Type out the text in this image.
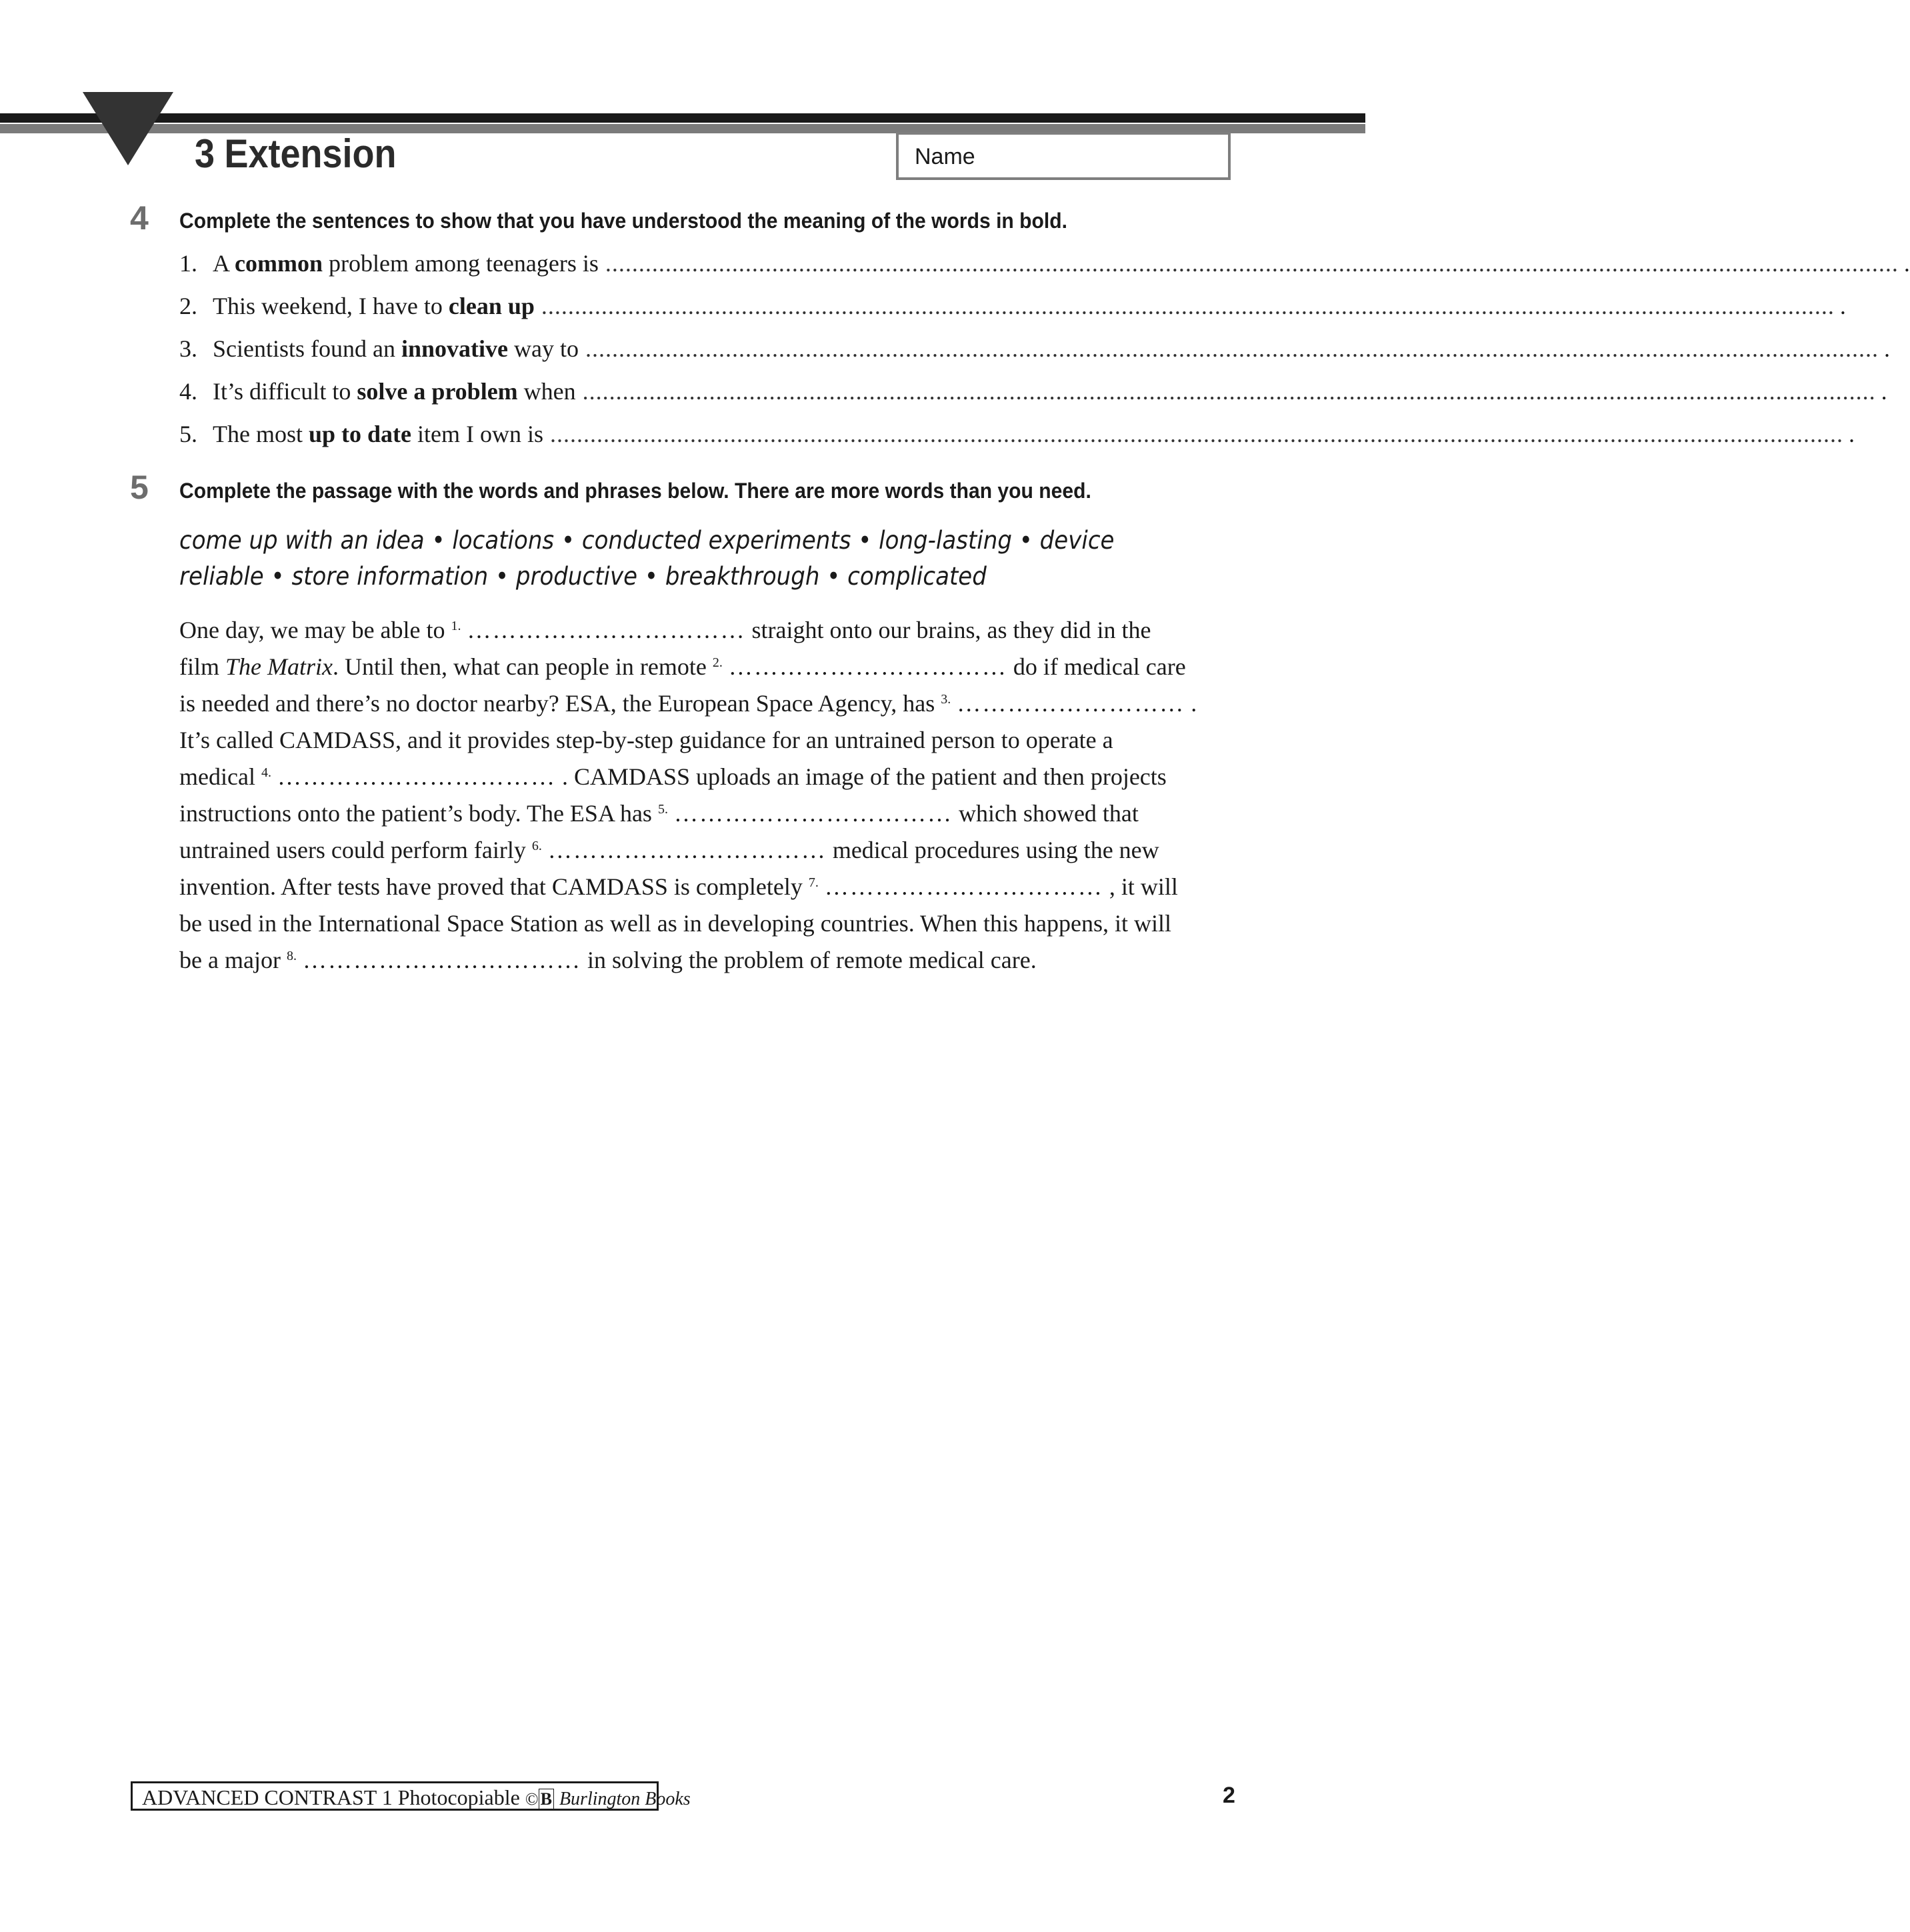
3 Extension	Name
4 Complete the sentences to show that you have understood the meaning of the words in bold.
1. A common problem among teenagers is .................................................................................................................................................................................................. .
2. This weekend, I have to clean up .................................................................................................................................................................................................. .
3. Scientists found an innovative way to .................................................................................................................................................................................................. .
4. It’s difficult to solve a problem when .................................................................................................................................................................................................. .
5. The most up to date item I own is .................................................................................................................................................................................................. .
5 Complete the passage with the words and phrases below. There are more words than you need.
come up with an idea • locations • conducted experiments • long-lasting • device
reliable • store information • productive • breakthrough • complicated
One day, we may be able to $^{1.}$ …………………………… straight onto our brains, as they did in the
film The Matrix. Until then, what can people in remote $^{2.}$ …………………………… do if medical care
is needed and there’s no doctor nearby? ESA, the European Space Agency, has $^{3.}$ ……………………… .
It’s called CAMDASS, and it provides step-by-step guidance for an untrained person to operate a
medical $^{4.}$ …………………………… . CAMDASS uploads an image of the patient and then projects
instructions onto the patient’s body. The ESA has $^{5.}$ …………………………… which showed that
untrained users could perform fairly $^{6.}$ …………………………… medical procedures using the new
invention. After tests have proved that CAMDASS is completely $^{7.}$ …………………………… , it will
be used in the International Space Station as well as in developing countries. When this happens, it will
be a major $^{8.}$ …………………………… in solving the problem of remote medical care.
ADVANCED CONTRAST 1 Photocopiable © B Burlington Books	2
